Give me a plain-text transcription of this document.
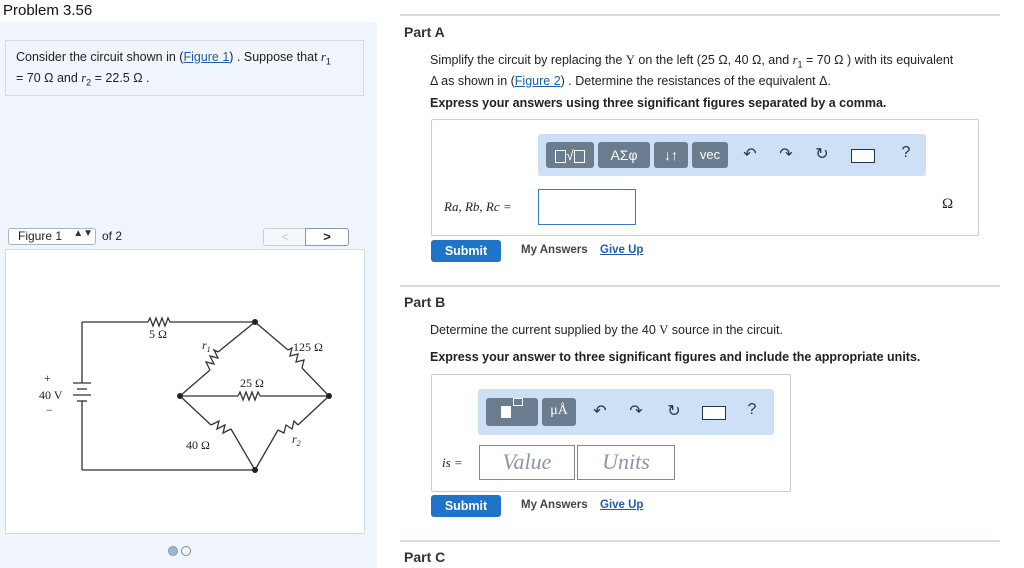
Problem 3.56
Consider the circuit shown in (Figure 1) . Suppose that $r_1$
= 70 Ω and $r_2 = 22.5$ Ω .
Figure 1 ▲▼ of 2	<	>
5 Ω
$r_1$	125 Ω
25 Ω
40 V
+
−
40 Ω	$r_2$
Part A
Simplify the circuit by replacing the Y on the left (25 Ω, 40 Ω, and $r_1 = 70$ Ω ) with its equivalent
Δ as shown in (Figure 2) . Determine the resistances of the equivalent Δ.
Express your answers using three significant figures separated by a comma.
√	ΑΣφ	↓↑	vec	↶ ↷ ↻	?
Ra, Rb, Rc =	Ω
Submit	My Answers Give Up
Part B
Determine the current supplied by the 40 V source in the circuit.
Express your answer to three significant figures and include the appropriate units.
μÅ	↶ ↷ ↻	?
is =	Value	Units
Submit	My Answers Give Up
Part C
